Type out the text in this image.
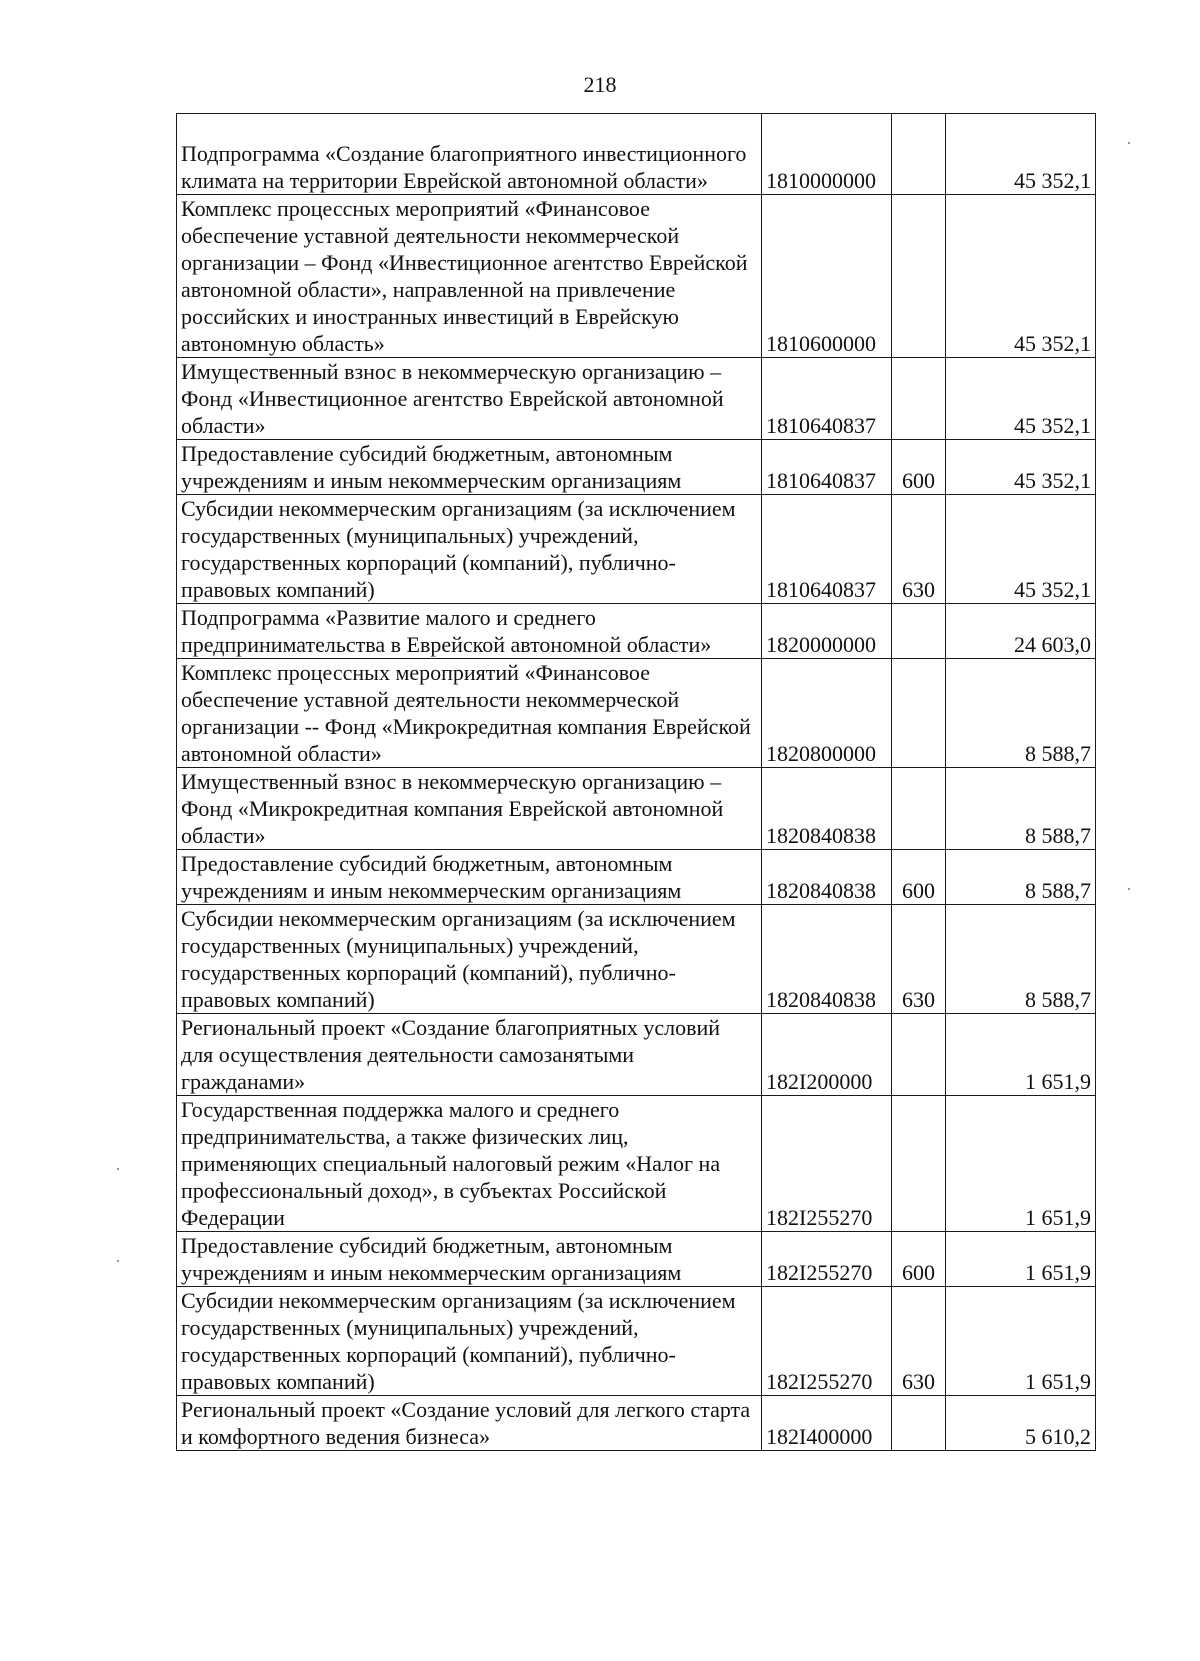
218
Подпрограмма «Создание благоприятного инвестиционного климата на территории Еврейской автономной области»	1810000000		45 352,1
Комплекс процессных мероприятий «Финансовое обеспечение уставной деятельности некоммерческой организации – Фонд «Инвестиционное агентство Еврейской автономной области», направленной на привлечение российских и иностранных инвестиций в Еврейскую автономную область»	1810600000		45 352,1
Имущественный взнос в некоммерческую организацию – Фонд «Инвестиционное агентство Еврейской автономной области»	1810640837		45 352,1
Предоставление субсидий бюджетным, автономным учреждениям и иным некоммерческим организациям	1810640837	600	45 352,1
Субсидии некоммерческим организациям (за исключением государственных (муниципальных) учреждений, государственных корпораций (компаний), публично-правовых компаний)	1810640837	630	45 352,1
Подпрограмма «Развитие малого и среднего предпринимательства в Еврейской автономной области»	1820000000		24 603,0
Комплекс процессных мероприятий «Финансовое обеспечение уставной деятельности некоммерческой организации -- Фонд «Микрокредитная компания Еврейской автономной области»	1820800000		8 588,7
Имущественный взнос в некоммерческую организацию – Фонд «Микрокредитная компания Еврейской автономной области»	1820840838		8 588,7
Предоставление субсидий бюджетным, автономным учреждениям и иным некоммерческим организациям	1820840838	600	8 588,7
Субсидии некоммерческим организациям (за исключением государственных (муниципальных) учреждений, государственных корпораций (компаний), публично-правовых компаний)	1820840838	630	8 588,7
Региональный проект «Создание благоприятных условий для осуществления деятельности самозанятыми гражданами»	182I200000		1 651,9
Государственная поддержка малого и среднего предпринимательства, а также физических лиц, применяющих специальный налоговый режим «Налог на профессиональный доход», в субъектах Российской Федерации	182I255270		1 651,9
Предоставление субсидий бюджетным, автономным учреждениям и иным некоммерческим организациям	182I255270	600	1 651,9
Субсидии некоммерческим организациям (за исключением государственных (муниципальных) учреждений, государственных корпораций (компаний), публично-правовых компаний)	182I255270	630	1 651,9
Региональный проект «Создание условий для легкого старта и комфортного ведения бизнеса»	182I400000		5 610,2
